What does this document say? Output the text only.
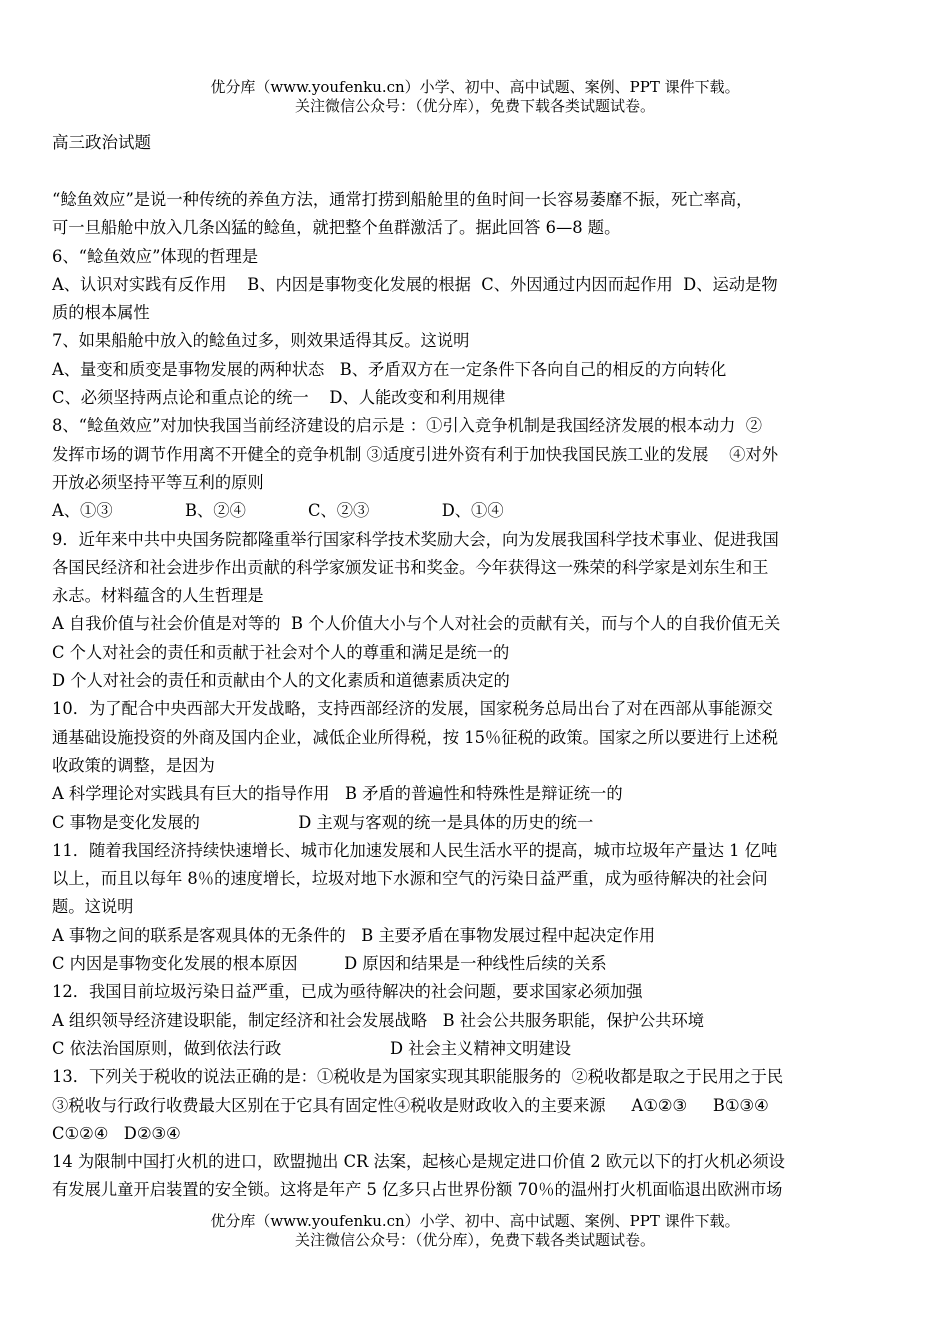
优分库（www.youfenku.cn）小学、初中、高中试题、案例、PPT 课件下载。
关注微信公众号：（优分库），免费下载各类试题试卷。
高三政治试题
“鲶鱼效应”是说一种传统的养鱼方法，通常打捞到船舱里的鱼时间一长容易萎靡不振，死亡率高，
可一旦船舱中放入几条凶猛的鲶鱼，就把整个鱼群激活了。据此回答 6—8 题。
6、“鲶鱼效应”体现的哲理是
A、认识对实践有反作用    B、内因是事物变化发展的根据  C、外因通过内因而起作用  D、运动是物
质的根本属性
7、如果船舱中放入的鲶鱼过多，则效果适得其反。这说明
A、量变和质变是事物发展的两种状态   B、矛盾双方在一定条件下各向自己的相反的方向转化
C、必须坚持两点论和重点论的统一    D、人能改变和利用规律
8、“鲶鱼效应”对加快我国当前经济建设的启示是 ：①引入竞争机制是我国经济发展的根本动力  ②
发挥市场的调节作用离不开健全的竞争机制 ③适度引进外资有利于加快我国民族工业的发展    ④对外
开放必须坚持平等互利的原则
A、①③              B、②④            C、②③              D、①④
9．近年来中共中央国务院都隆重举行国家科学技术奖励大会，向为发展我国科学技术事业、促进我国
各国民经济和社会进步作出贡献的科学家颁发证书和奖金。今年获得这一殊荣的科学家是刘东生和王
永志。材料蕴含的人生哲理是
A 自我价值与社会价值是对等的  B 个人价值大小与个人对社会的贡献有关，而与个人的自我价值无关
C 个人对社会的责任和贡献于社会对个人的尊重和满足是统一的
D 个人对社会的责任和贡献由个人的文化素质和道德素质决定的
10．为了配合中央西部大开发战略，支持西部经济的发展，国家税务总局出台了对在西部从事能源交
通基础设施投资的外商及国内企业，减低企业所得税，按 15％征税的政策。国家之所以要进行上述税
收政策的调整，是因为
A 科学理论对实践具有巨大的指导作用   B 矛盾的普遍性和特殊性是辩证统一的
C 事物是变化发展的                   D 主观与客观的统一是具体的历史的统一
11．随着我国经济持续快速增长、城市化加速发展和人民生活水平的提高，城市垃圾年产量达 1 亿吨
以上，而且以每年 8％的速度增长，垃圾对地下水源和空气的污染日益严重，成为亟待解决的社会问
题。这说明
A 事物之间的联系是客观具体的无条件的   B 主要矛盾在事物发展过程中起决定作用
C 内因是事物变化发展的根本原因         D 原因和结果是一种线性后续的关系
12．我国目前垃圾污染日益严重，已成为亟待解决的社会问题，要求国家必须加强
A 组织领导经济建设职能，制定经济和社会发展战略   B 社会公共服务职能，保护公共环境
C 依法治国原则，做到依法行政                     D 社会主义精神文明建设
13．下列关于税收的说法正确的是：①税收是为国家实现其职能服务的  ②税收都是取之于民用之于民
③税收与行政行收费最大区别在于它具有固定性④税收是财政收入的主要来源     A①②③     B①③④
C①②④   D②③④
14 为限制中国打火机的进口，欧盟抛出 CR 法案，起核心是规定进口价值 2 欧元以下的打火机必须设
有发展儿童开启装置的安全锁。这将是年产 5 亿多只占世界份额 70％的温州打火机面临退出欧洲市场
优分库（www.youfenku.cn）小学、初中、高中试题、案例、PPT 课件下载。
关注微信公众号：（优分库），免费下载各类试题试卷。
